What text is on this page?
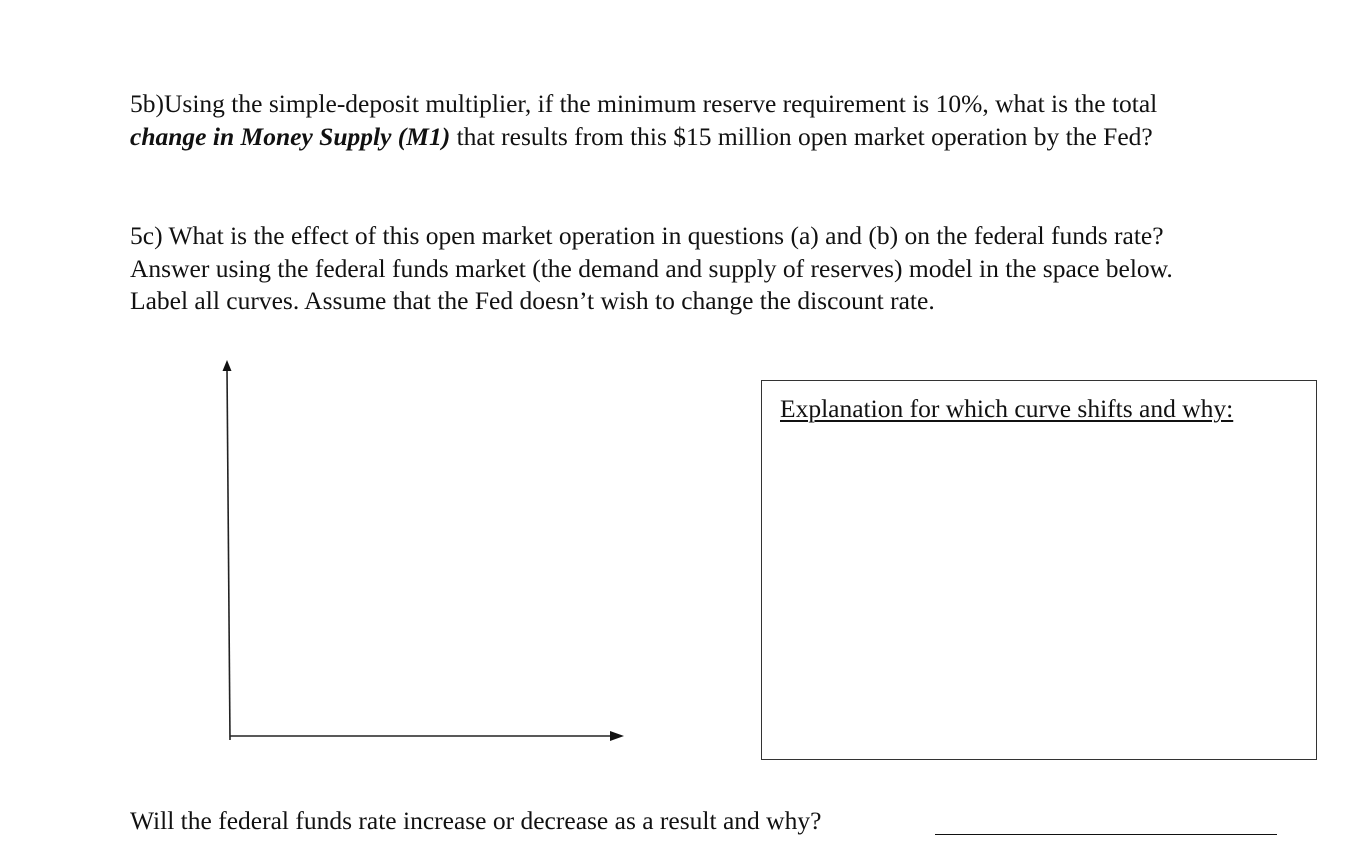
5b)Using the simple-deposit multiplier, if the minimum reserve requirement is 10%, what is the total
change in Money Supply (M1) that results from this $15 million open market operation by the Fed?
5c) What is the effect of this open market operation in questions (a) and (b) on the federal funds rate?
Answer using the federal funds market (the demand and supply of reserves) model in the space below.
Label all curves. Assume that the Fed doesn’t wish to change the discount rate.
Explanation for which curve shifts and why:
Will the federal funds rate increase or decrease as a result and why?
